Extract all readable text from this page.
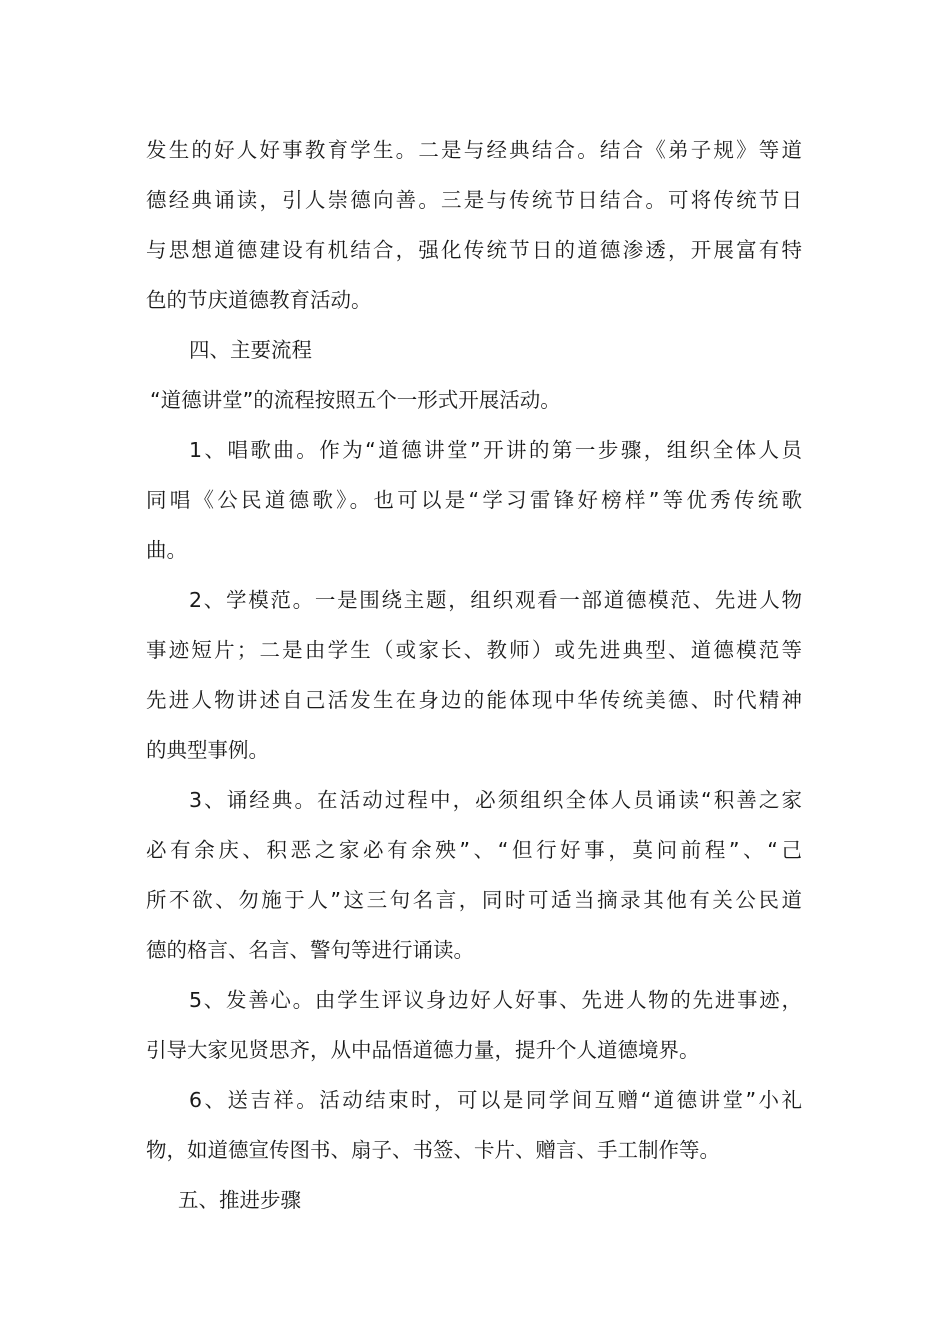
发生的好人好事教育学生。二是与经典结合。结合《弟子规》等道
德经典诵读，引人崇德向善。三是与传统节日结合。可将传统节日
与思想道德建设有机结合，强化传统节日的道德渗透，开展富有特
色的节庆道德教育活动。
四、主要流程
“道德讲堂”的流程按照五个一形式开展活动。
1、唱歌曲。作为“道德讲堂”开讲的第一步骤，组织全体人员
同唱《公民道德歌》。也可以是“学习雷锋好榜样”等优秀传统歌
曲。
2、学模范。一是围绕主题，组织观看一部道德模范、先进人物
事迹短片；二是由学生（或家长、教师）或先进典型、道德模范等
先进人物讲述自己活发生在身边的能体现中华传统美德、时代精神
的典型事例。
3、诵经典。在活动过程中，必须组织全体人员诵读“积善之家
必有余庆、积恶之家必有余殃”、“但行好事，莫问前程”、“己
所不欲、勿施于人”这三句名言，同时可适当摘录其他有关公民道
德的格言、名言、警句等进行诵读。
5、发善心。由学生评议身边好人好事、先进人物的先进事迹，
引导大家见贤思齐，从中品悟道德力量，提升个人道德境界。
6、送吉祥。活动结束时，可以是同学间互赠“道德讲堂”小礼
物，如道德宣传图书、扇子、书签、卡片、赠言、手工制作等。
五、推进步骤
